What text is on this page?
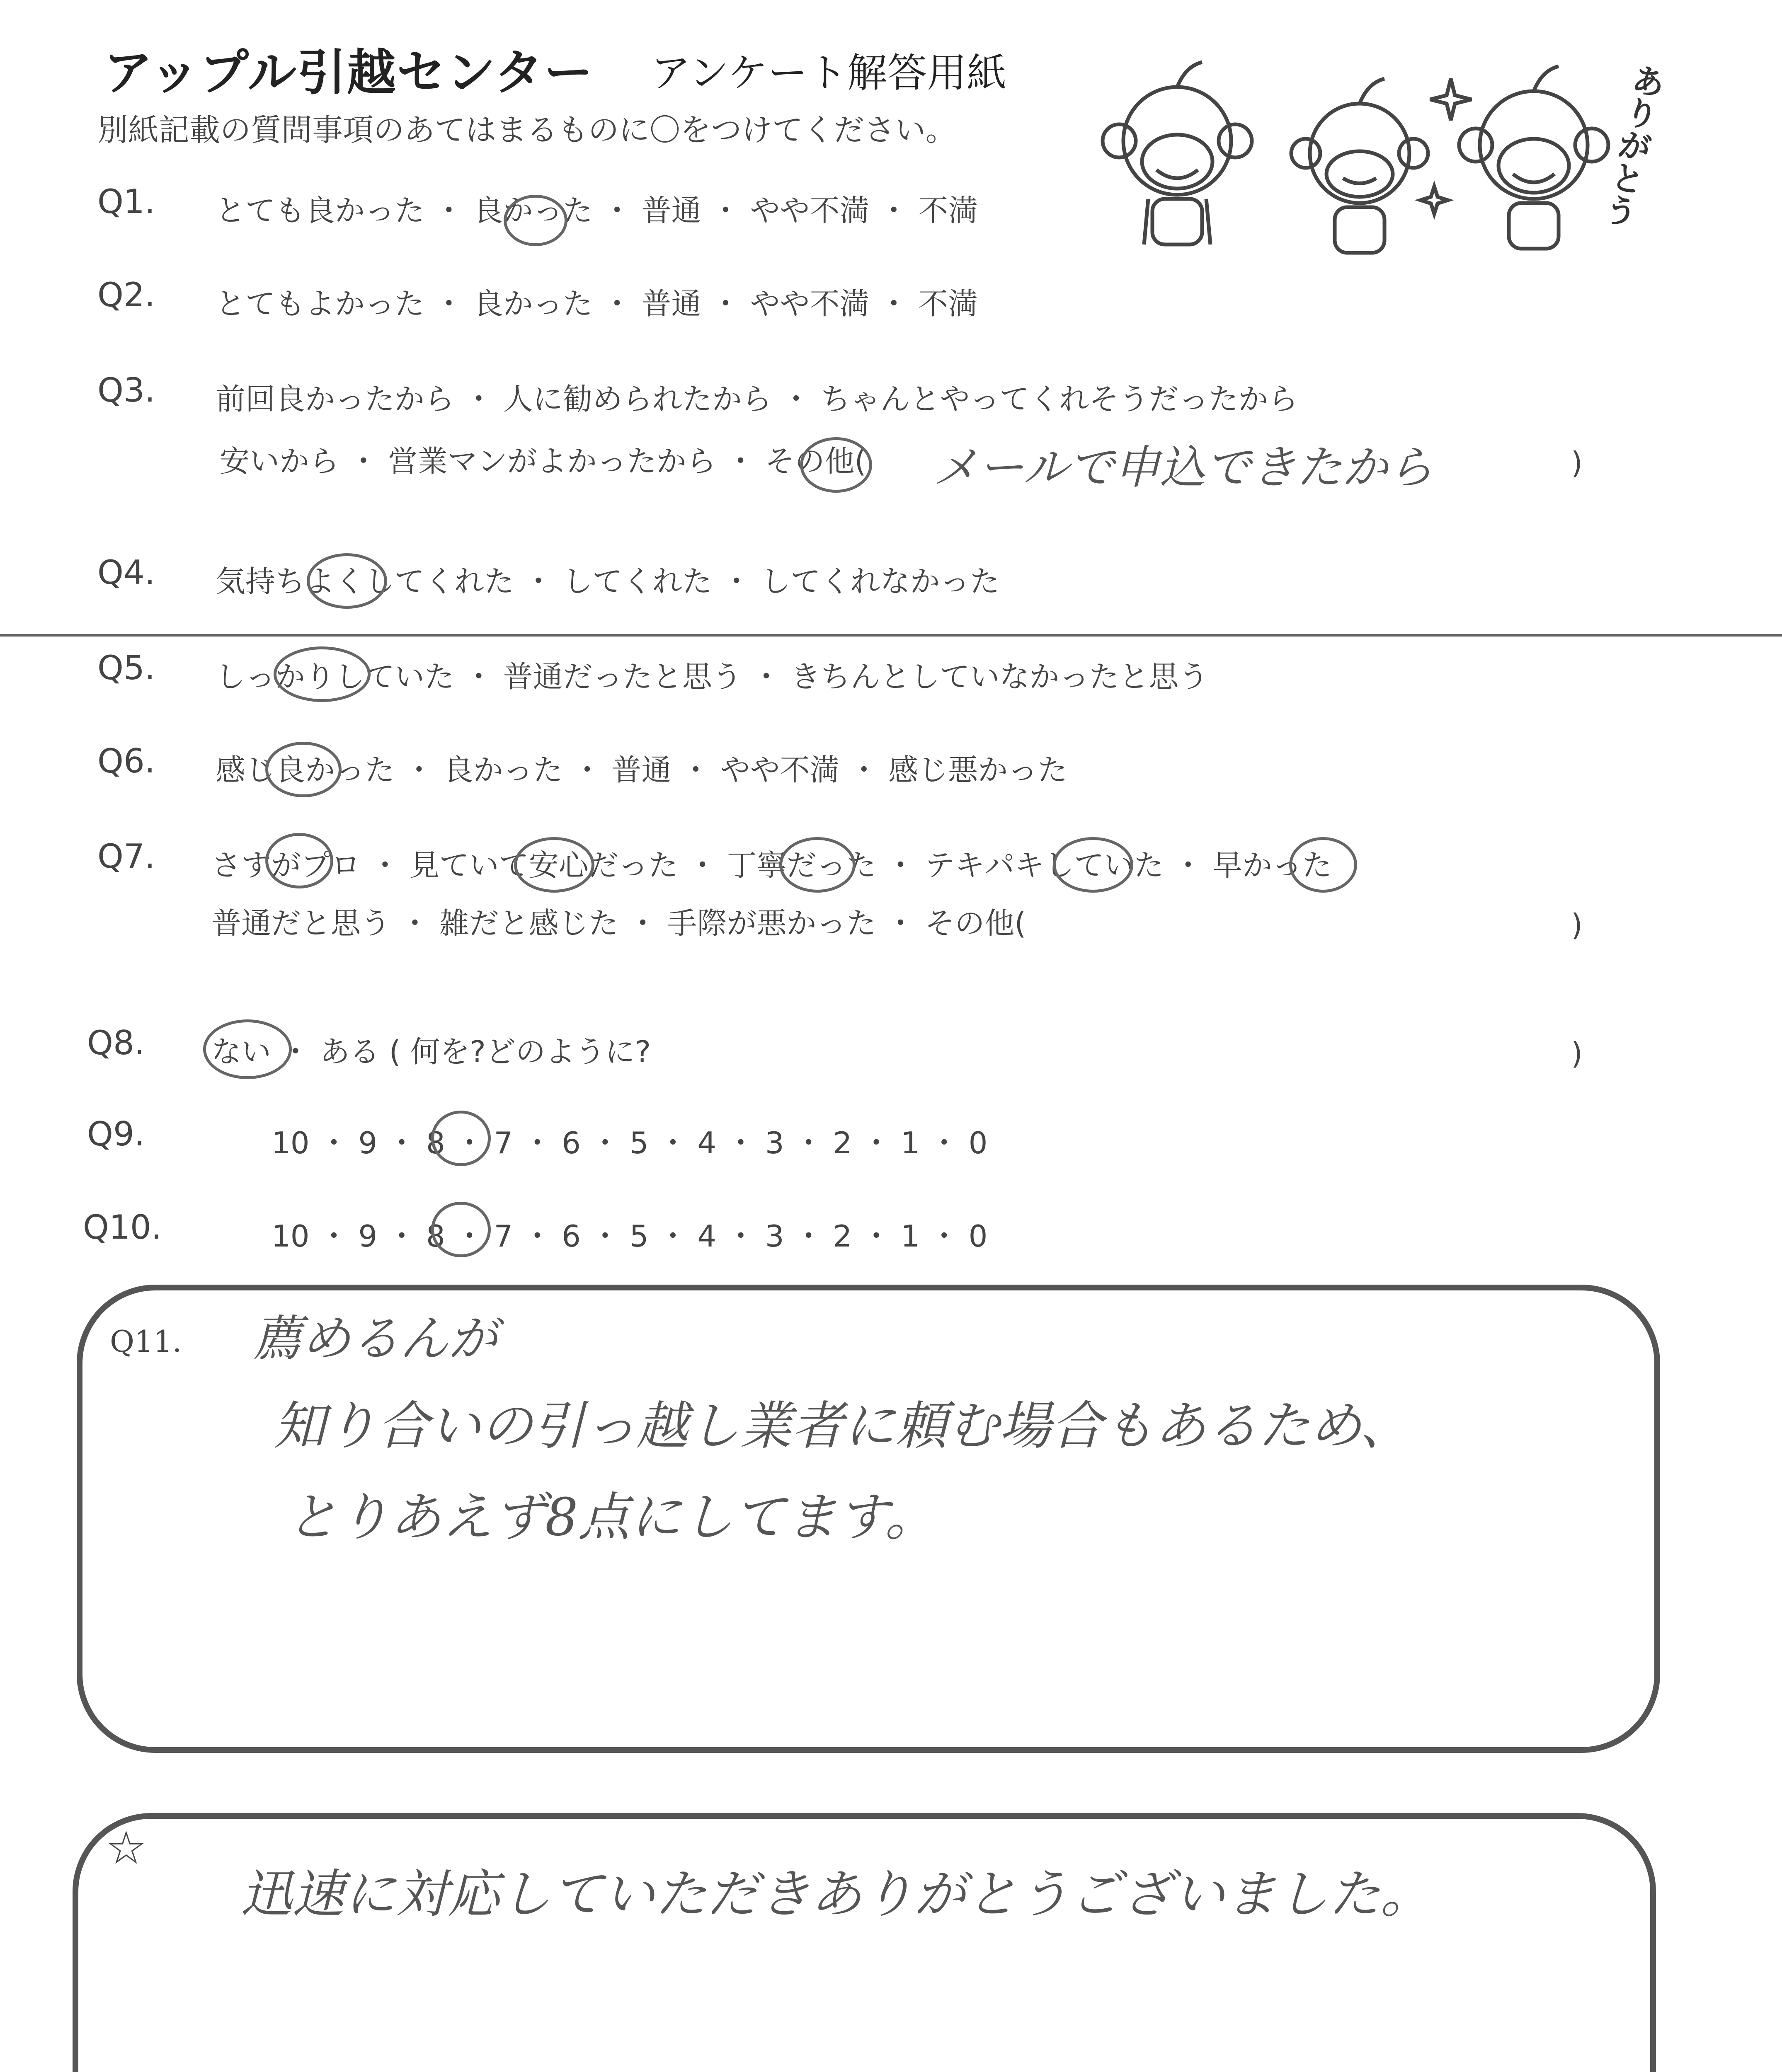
アップル引越センター アンケート解答用紙
別紙記載の質問事項のあてはまるものに〇をつけてください。	ありがとう
Q1. とても良かった ・ 良かった ・ 普通 ・ やや不満 ・ 不満
Q2. とてもよかった ・ 良かった ・ 普通 ・ やや不満 ・ 不満
Q3. 前回良かったから ・ 人に勧められたから ・ ちゃんとやってくれそうだったから
安いから ・ 営業マンがよかったから ・ その他( メールで申込できたから	)
Q4. 気持ちよくしてくれた ・ してくれた ・ してくれなかった
Q5. しっかりしていた ・ 普通だったと思う ・ きちんとしていなかったと思う
Q6. 感じ良かった ・ 良かった ・ 普通 ・ やや不満 ・ 感じ悪かった
Q7. さすがプロ ・ 見ていて安心だった ・ 丁寧だった ・ テキパキしていた ・ 早かった
普通だと思う ・ 雑だと感じた ・ 手際が悪かった ・ その他(	)
Q8. ない ・ ある ( 何を?どのように?	)
Q9.	10 ・ 9 ・ 8 ・ 7 ・ 6 ・ 5 ・ 4 ・ 3 ・ 2 ・ 1 ・ 0
Q10.	10 ・ 9 ・ 8 ・ 7 ・ 6 ・ 5 ・ 4 ・ 3 ・ 2 ・ 1 ・ 0
Q11. 薦めるんが
知り合いの引っ越し業者に頼む場合もあるため、
とりあえず8点にしてます。
☆
迅速に対応していただきありがとうございました。
